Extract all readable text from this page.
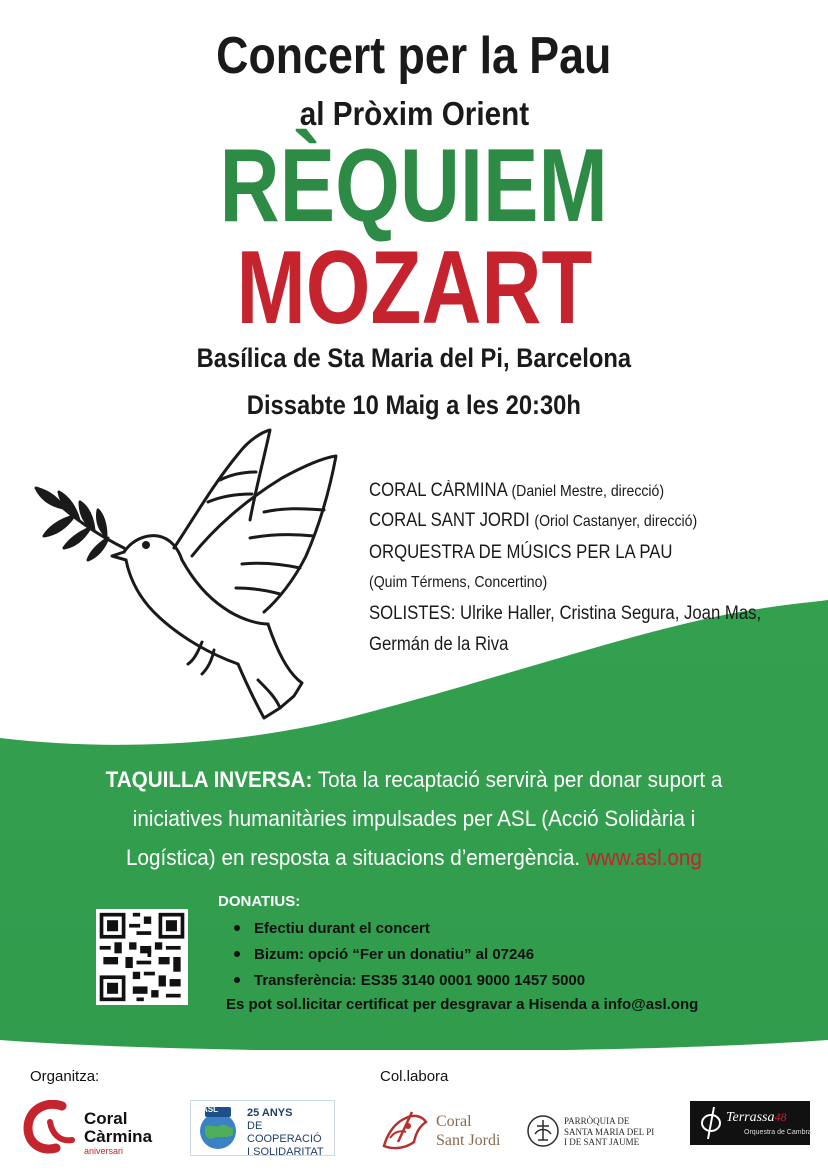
Concert per la Pau
al Pròxim Orient
RÈQUIEM
MOZART
Basílica de Sta Maria del Pi, Barcelona
Dissabte 10 Maig a les 20:30h
CORAL CÀRMINA (Daniel Mestre, direcció)
CORAL SANT JORDI (Oriol Castanyer, direcció)
ORQUESTRA DE MÚSICS PER LA PAU
(Quim Térmens, Concertino)
SOLISTES: Ulrike Haller, Cristina Segura, Joan Mas,
Germán de la Riva
TAQUILLA INVERSA: Tota la recaptació servirà per donar suport a iniciatives humanitàries impulsades per ASL (Acció Solidària i Logística) en resposta a situacions d’emergència. www.asl.ong
DONATIUS:
Efectiu durant el concert
Bizum: opció “Fer un donatiu” al 07246
Transferència: ES35 3140 0001 9000 1457 5000
Es pot sol.licitar certificat per desgravar a Hisenda a info@asl.ong
Organitza:	Col.labora
Coral
Càrmina
aniversari
ASL	25 ANYS
DE COOPERACIÓ
I SOLIDARITAT
Coral
Sant Jordi
PARRÒQUIA DE
SANTA MARIA DEL PI
I DE SANT JAUME
Terrassa48
Orquestra de Cambra
